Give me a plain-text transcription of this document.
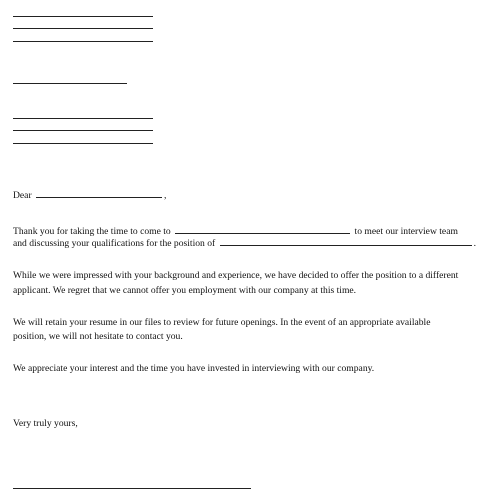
Dear	,
Thank you for taking the time to come to	to meet our interview team
and discussing your qualifications for the position of	.
While we were impressed with your background and experience, we have decided to offer the position to a different
applicant. We regret that we cannot offer you employment with our company at this time.
We will retain your resume in our files to review for future openings. In the event of an appropriate available
position, we will not hesitate to contact you.
We appreciate your interest and the time you have invested in interviewing with our company.
Very truly yours,
